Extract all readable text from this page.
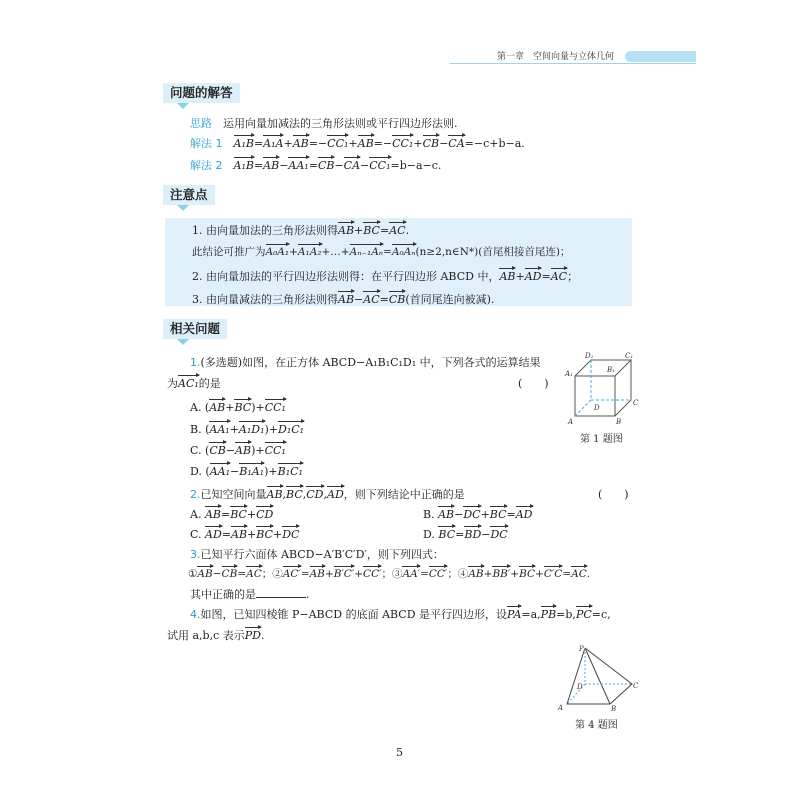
第一章　空间向量与立体几何
问题的解答
思路　 运用向量加减法的三角形法则或平行四边形法则.
解法 1　 A₁B=A₁A+AB=−CC₁+AB=−CC₁+CB−CA=−c+b−a.
解法 2　 A₁B=AB−AA₁=CB−CA−CC₁=b−a−c.
注意点
1. 由向量加法的三角形法则得AB+BC=AC.
此结论可推广为A₀A₁+A₁A₂+…+Aₙ₋₁Aₙ=A₀Aₙ(n≥2,n∈N*)(首尾相接首尾连)；
2. 由向量加法的平行四边形法则得：在平行四边形 ABCD 中，AB+AD=AC；
3. 由向量减法的三角形法则得AB−AC=CB(首同尾连向被减).
相关问题
1.(多选题)如图，在正方体 ABCD−A₁B₁C₁D₁ 中，下列各式的运算结果
为AC₁的是	(　　)
A. (AB+BC)+CC₁
B. (AA₁+A₁D₁)+D₁C₁
C. (CB−AB)+CC₁
D. (AA₁−B₁A₁)+B₁C₁
D₁	C₁
A₁	B₁
D
C
A	B
第 1 题图
2.已知空间向量AB,BC,CD,AD，则下列结论中正确的是	(　　)
A. AB=BC+CD	B. AB−DC+BC=AD
C. AD=AB+BC+DC	D. BC=BD−DC
3.已知平行六面体 ABCD−A′B′C′D′，则下列四式：
①AB−CB=AC；②AC′=AB+B′C′+CC′；③AA′=CC′；④AB+BB′+BC+C′C=AC.
其中正确的是	.
4.如图，已知四棱锥 P−ABCD 的底面 ABCD 是平行四边形，设PA=a,PB=b,PC=c,
试用 a,b,c 表示PD.
P
D	C
A	B
第 4 题图
5
